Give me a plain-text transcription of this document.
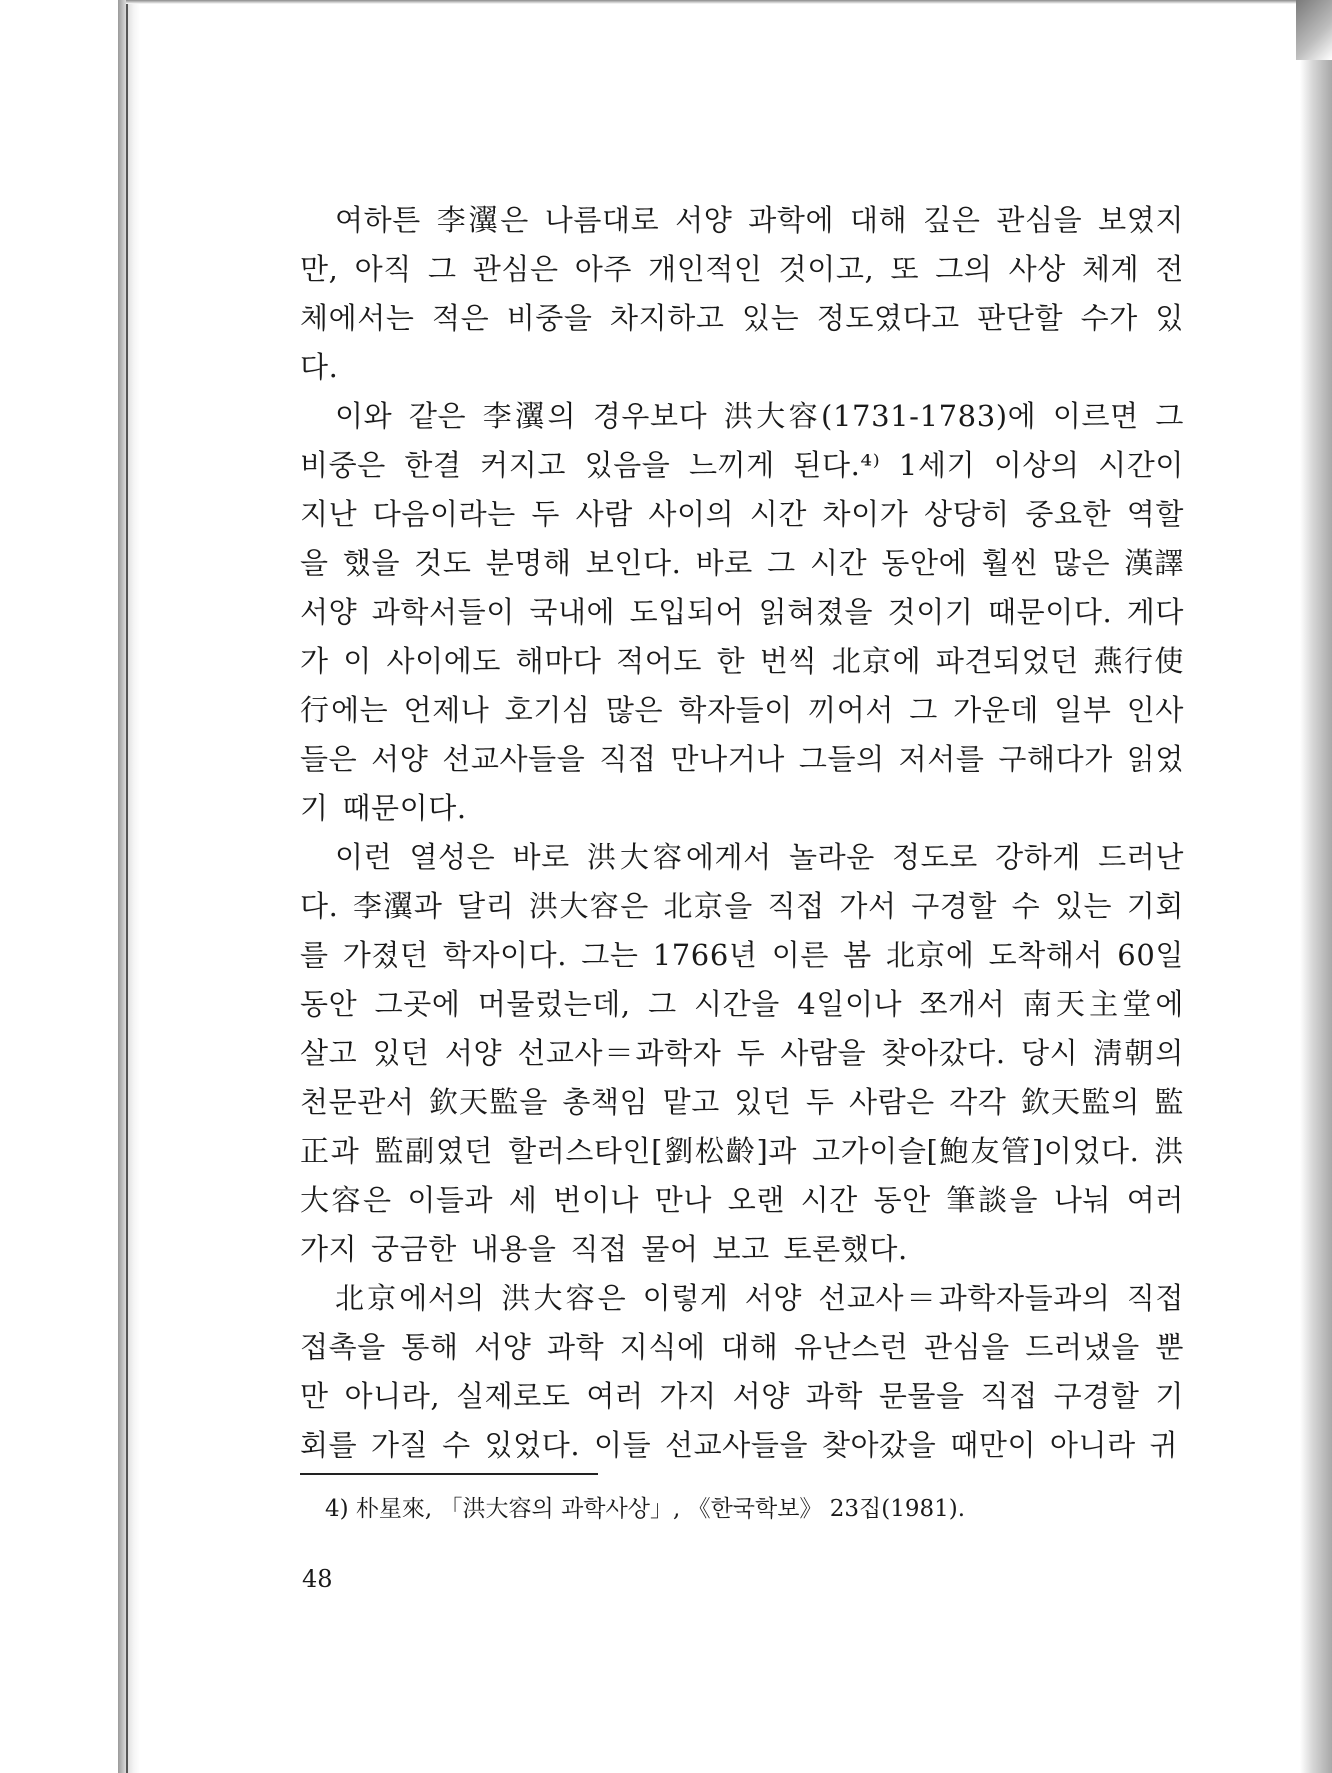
여하튼 李瀷은 나름대로 서양 과학에 대해 깊은 관심을 보였지만, 아직 그 관심은 아주 개인적인 것이고, 또 그의 사상 체계 전체에서는 적은 비중을 차지하고 있는 정도였다고 판단할 수가 있다.

이와 같은 李瀷의 경우보다 洪大容(1731-1783)에 이르면 그 비중은 한결 커지고 있음을 느끼게 된다.⁴⁾ 1세기 이상의 시간이 지난 다음이라는 두 사람 사이의 시간 차이가 상당히 중요한 역할을 했을 것도 분명해 보인다. 바로 그 시간 동안에 훨씬 많은 漢譯 서양 과학서들이 국내에 도입되어 읽혀졌을 것이기 때문이다. 게다가 이 사이에도 해마다 적어도 한 번씩 北京에 파견되었던 燕行使行에는 언제나 호기심 많은 학자들이 끼어서 그 가운데 일부 인사들은 서양 선교사들을 직접 만나거나 그들의 저서를 구해다가 읽었기 때문이다.

이런 열성은 바로 洪大容에게서 놀라운 정도로 강하게 드러난다. 李瀷과 달리 洪大容은 北京을 직접 가서 구경할 수 있는 기회를 가졌던 학자이다. 그는 1766년 이른 봄 北京에 도착해서 60일 동안 그곳에 머물렀는데, 그 시간을 4일이나 쪼개서 南天主堂에 살고 있던 서양 선교사＝과학자 두 사람을 찾아갔다. 당시 淸朝의 천문관서 欽天監을 총책임 맡고 있던 두 사람은 각각 欽天監의 監正과 監副였던 할러스타인[劉松齡]과 고가이슬[鮑友管]이었다. 洪大容은 이들과 세 번이나 만나 오랜 시간 동안 筆談을 나눠 여러 가지 궁금한 내용을 직접 물어 보고 토론했다.

北京에서의 洪大容은 이렇게 서양 선교사＝과학자들과의 직접 접촉을 통해 서양 과학 지식에 대해 유난스런 관심을 드러냈을 뿐만 아니라, 실제로도 여러 가지 서양 과학 문물을 직접 구경할 기회를 가질 수 있었다. 이들 선교사들을 찾아갔을 때만이 아니라 귀

4) 朴星來, 「洪大容의 과학사상」, 《한국학보》 23집(1981).

48
